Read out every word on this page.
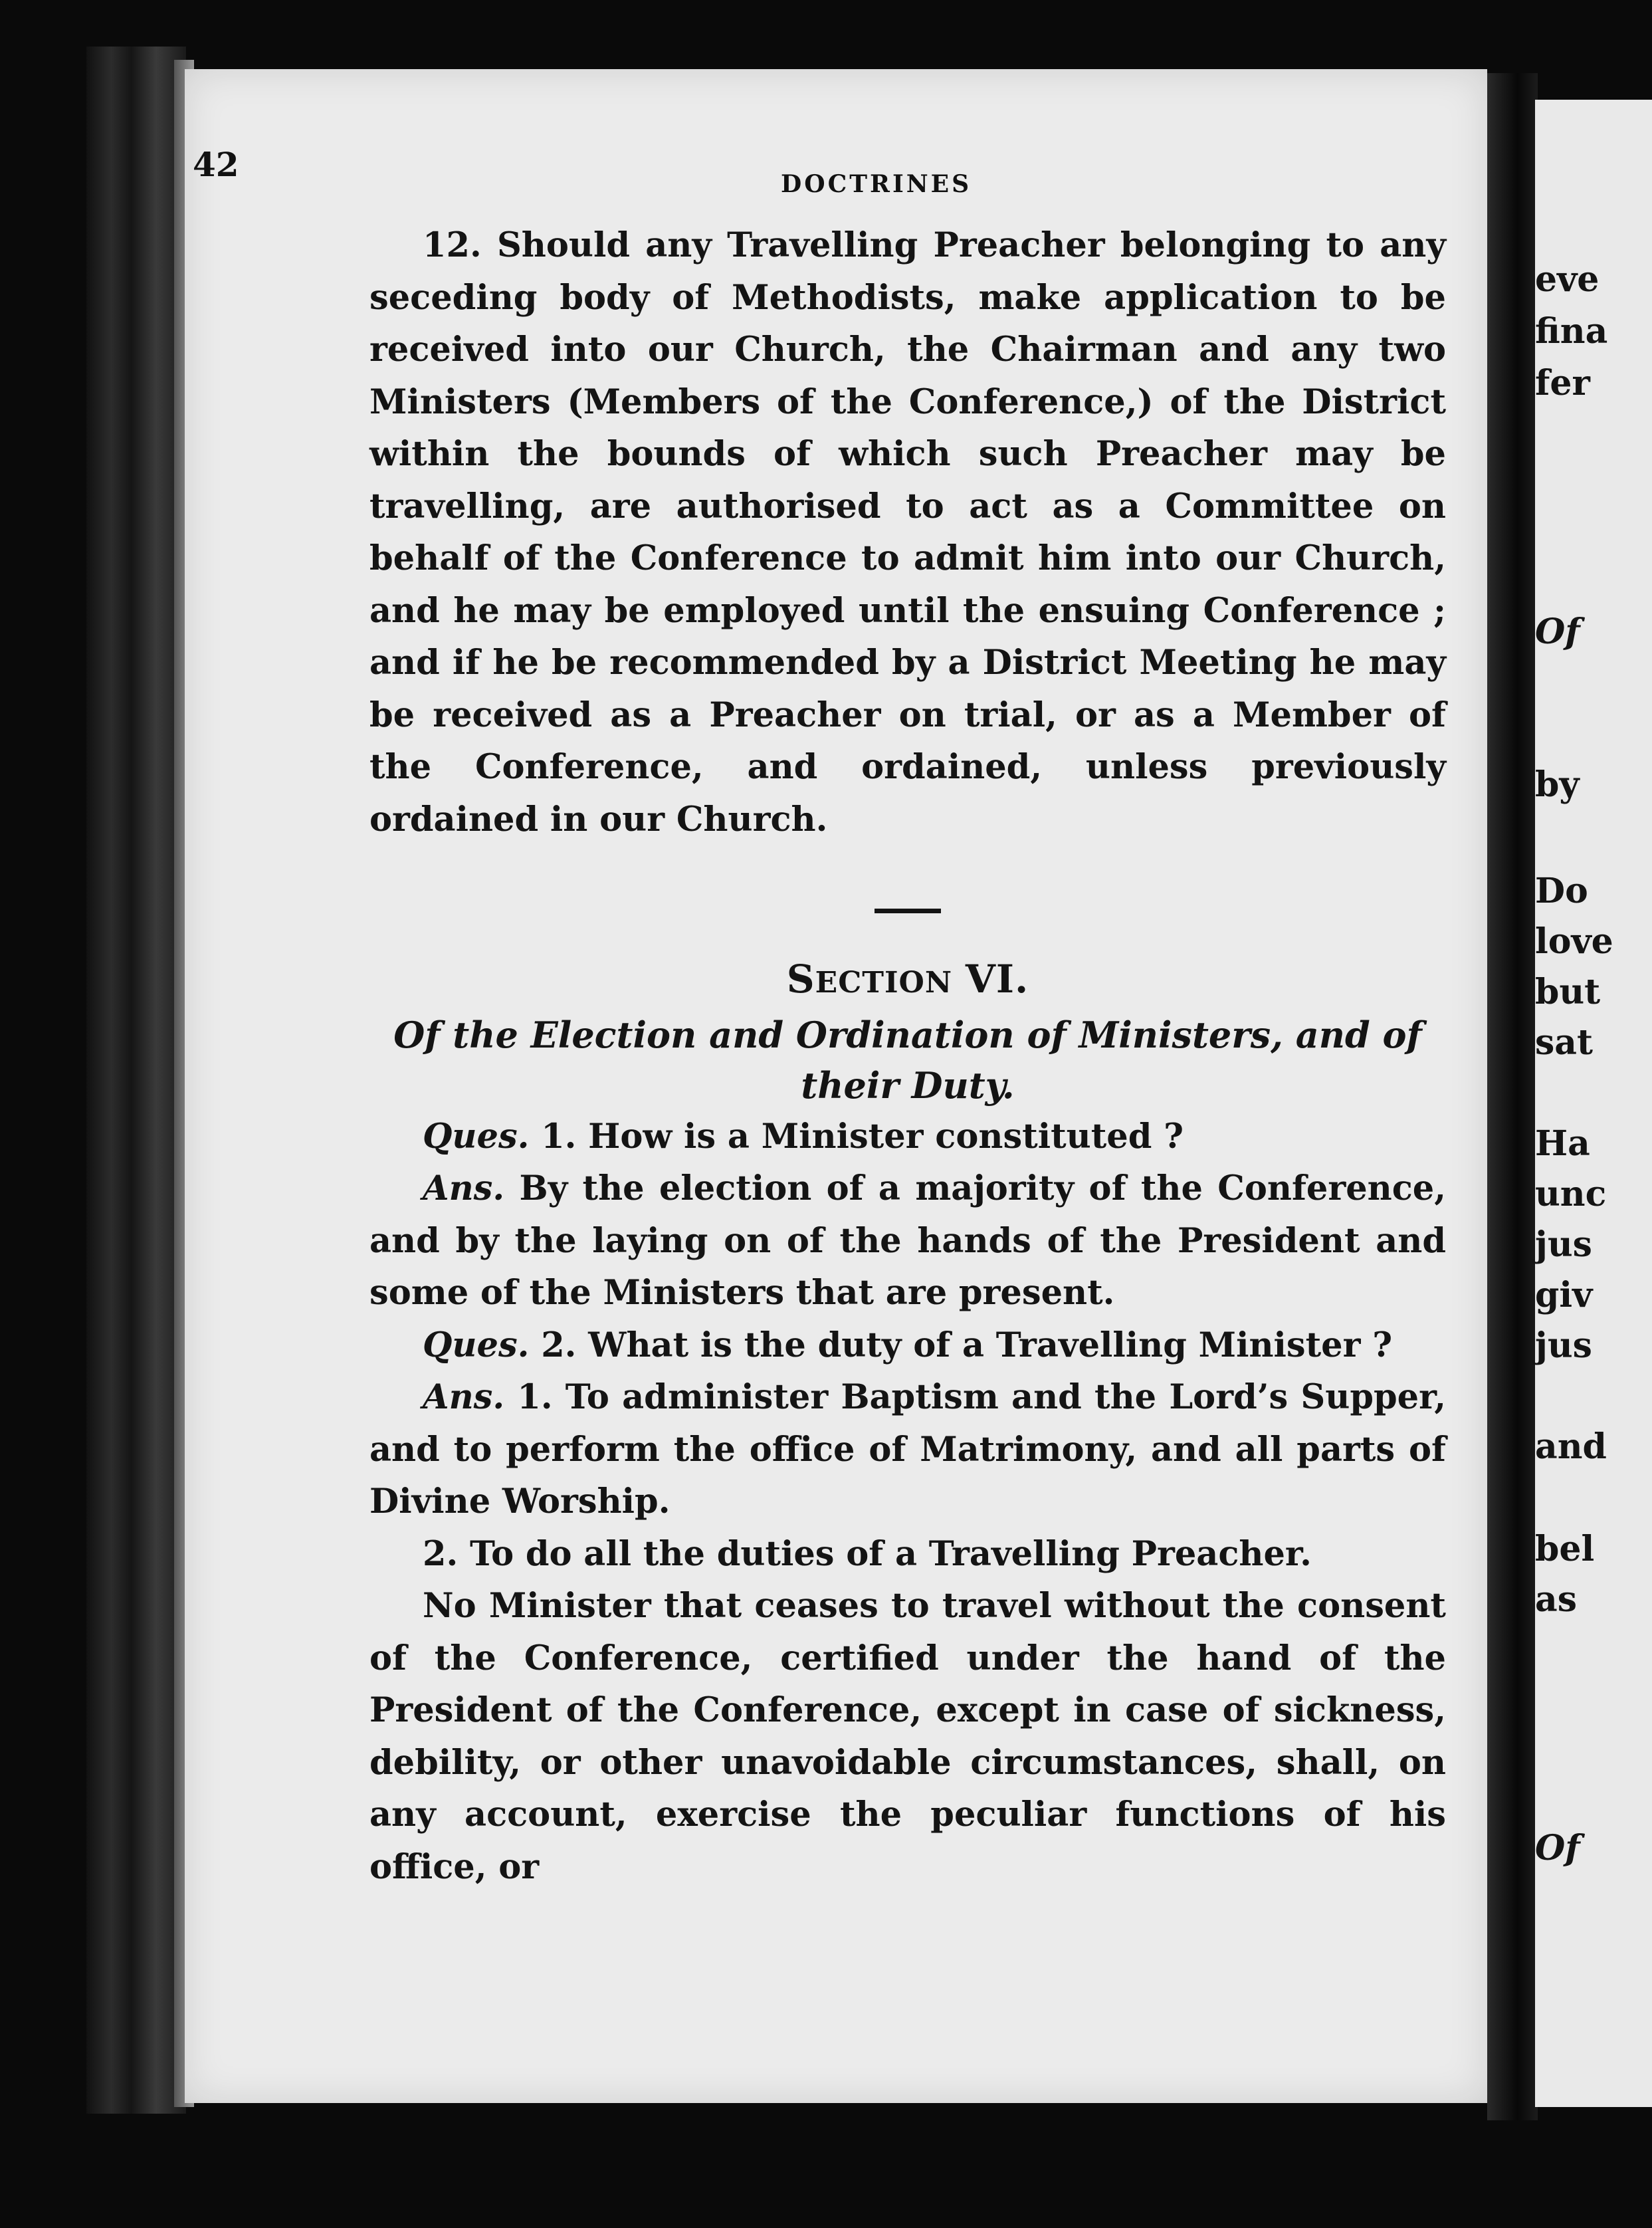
42	DOCTRINES

12. Should any Travelling Preacher belonging to any seceding body of Methodists, make application to be received into our Church, the Chairman and any two Ministers (Members of the Conference,) of the District within the bounds of which such Preacher may be travelling, are authorised to act as a Committee on behalf of the Conference to admit him into our Church, and he may be employed until the ensuing Conference ; and if he be recommended by a District Meeting he may be received as a Preacher on trial, or as a Member of the Conference, and ordained, unless previously ordained in our Church.

SECTION VI.

Of the Election and Ordination of Ministers, and of their Duty.

Ques. 1. How is a Minister constituted ?

Ans. By the election of a majority of the Conference, and by the laying on of the hands of the President and some of the Ministers that are present.

Ques. 2. What is the duty of a Travelling Minister ?

Ans. 1. To administer Baptism and the Lord’s Supper, and to perform the office of Matrimony, and all parts of Divine Worship.

2. To do all the duties of a Travelling Preacher.

No Minister that ceases to travel without the consent of the Conference, certified under the hand of the President of the Conference, except in case of sickness, debility, or other unavoidable circumstances, shall, on any account, exercise the peculiar functions of his office, or

eve
fina
fer
Of
by
Do
love
but
sat
Ha
unc
jus
giv
jus
and
bel
as
Of
